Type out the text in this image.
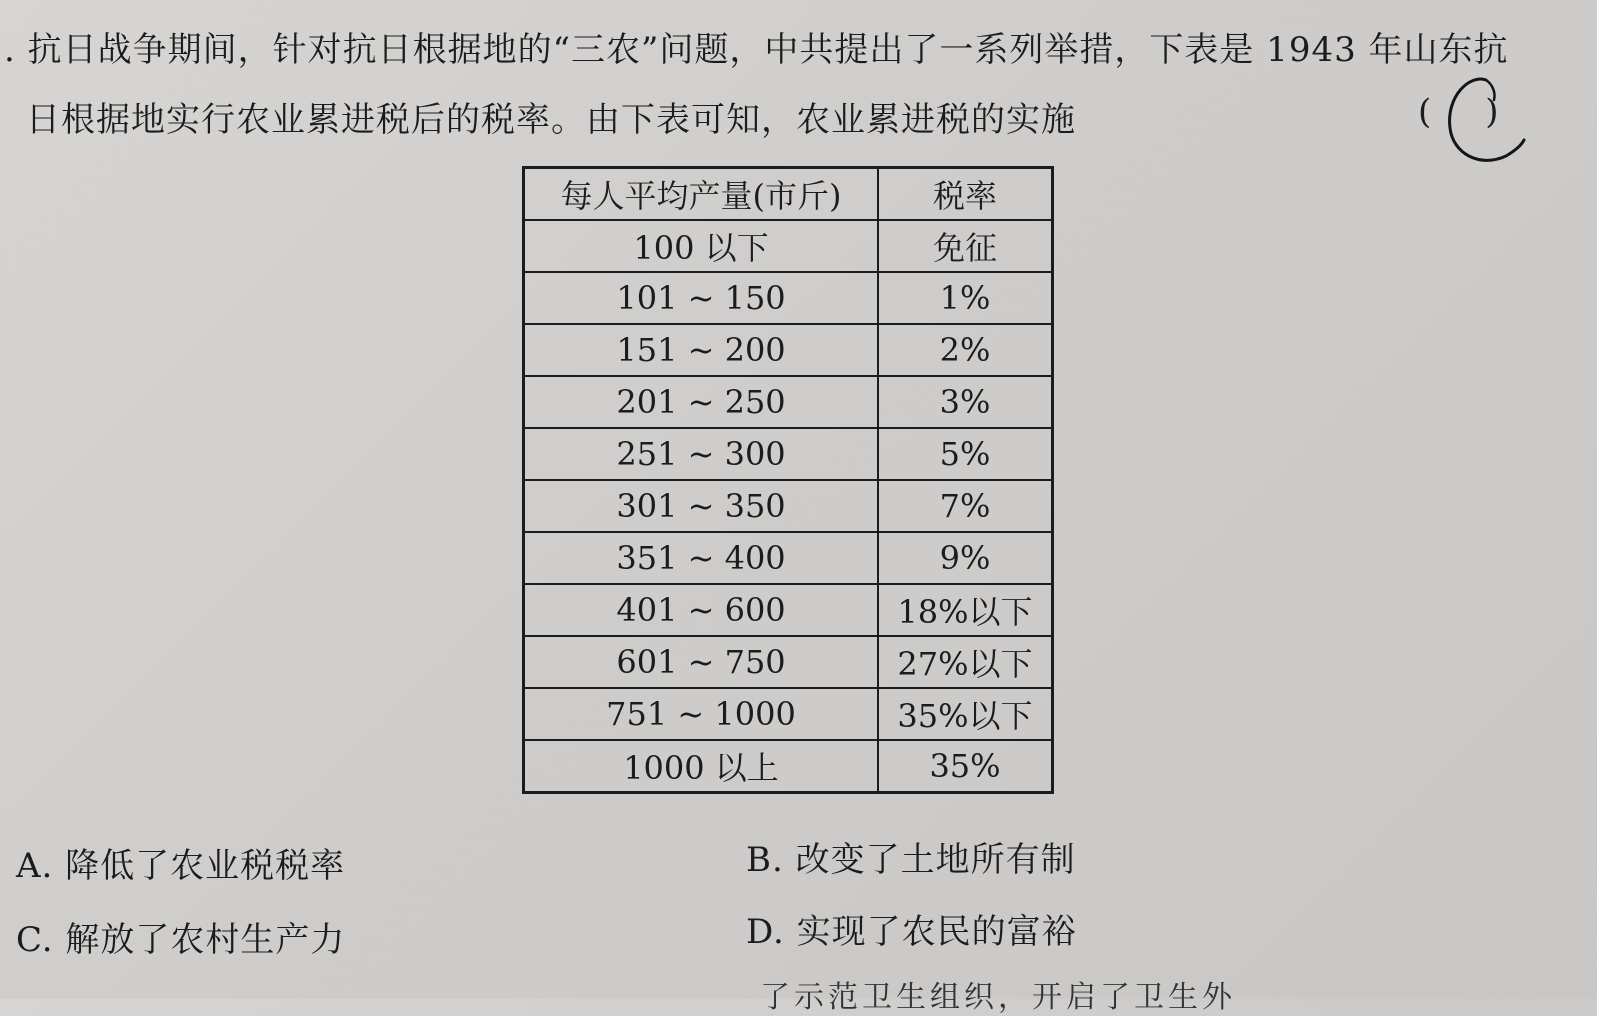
. 抗日战争期间，针对抗日根据地的“三农”问题，中共提出了一系列举措，下表是 1943 年山东抗
日根据地实行农业累进税后的税率。由下表可知，农业累进税的实施	( )
每人平均产量(市斤)	税率
100 以下	免征
101 ~ 150	1%
151 ~ 200	2%
201 ~ 250	3%
251 ~ 300	5%
301 ~ 350	7%
351 ~ 400	9%
401 ~ 600	18%以下
601 ~ 750	27%以下
751 ~ 1000	35%以下
1000 以上	35%
A. 降低了农业税税率	B. 改变了土地所有制
C. 解放了农村生产力	D. 实现了农民的富裕
了示范卫生组织，开启了卫生外
